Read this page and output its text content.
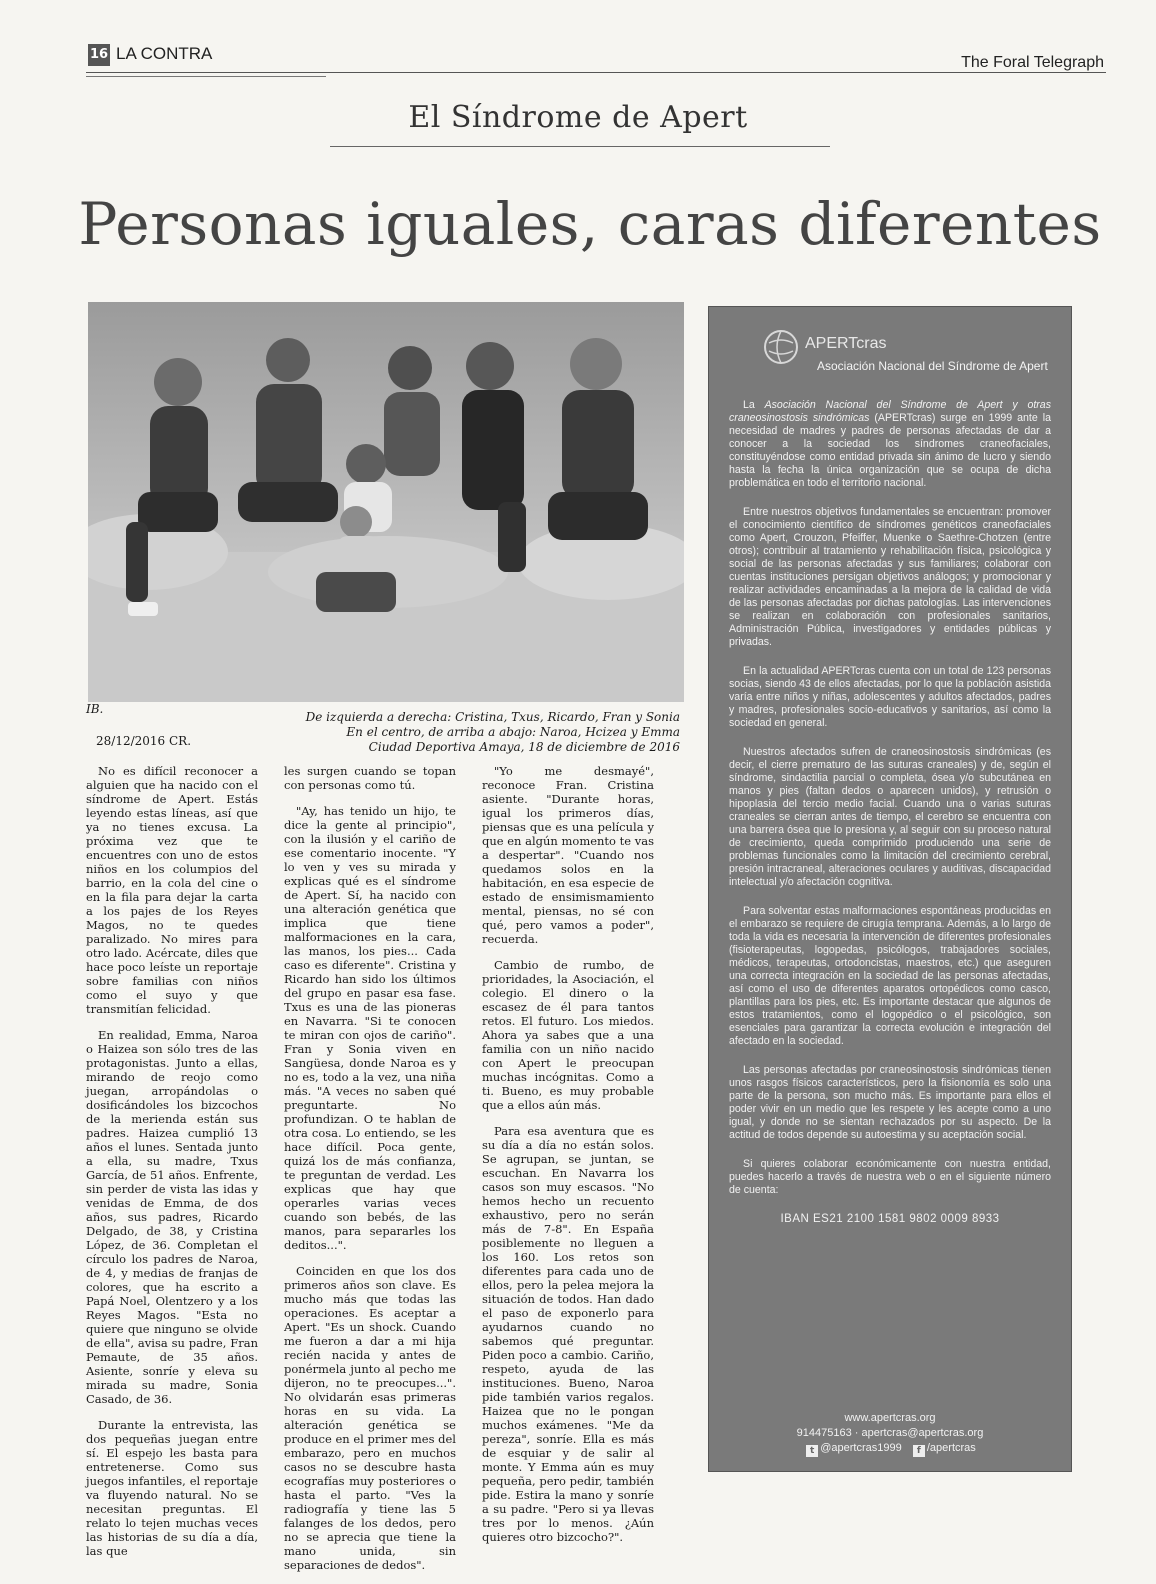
16 LA CONTRA	The Foral Telegraph
El Síndrome de Apert
Personas iguales, caras diferentes
IB.
De izquierda a derecha: Cristina, Txus, Ricardo, Fran y Sonia
En el centro, de arriba a abajo: Naroa, Hcizea y Emma
Ciudad Deportiva Amaya, 18 de diciembre de 2016
28/12/2016 CR.

No es difícil reconocer a alguien que ha nacido con el síndrome de Apert. Estás leyendo estas líneas, así que ya no tienes excusa. La próxima vez que te encuentres con uno de estos niños en los columpios del barrio, en la cola del cine o en la fila para dejar la carta a los pajes de los Reyes Magos, no te quedes paralizado. No mires para otro lado. Acércate, diles que hace poco leíste un reportaje sobre familias con niños como el suyo y que transmitían felicidad.

En realidad, Emma, Naroa o Haizea son sólo tres de las protagonistas. Junto a ellas, mirando de reojo como juegan, arropándolas o dosificándoles los bizcochos de la merienda están sus padres. Haizea cumplió 13 años el lunes. Sentada junto a ella, su madre, Txus García, de 51 años. Enfrente, sin perder de vista las idas y venidas de Emma, de dos años, sus padres, Ricardo Delgado, de 38, y Cristina López, de 36. Completan el círculo los padres de Naroa, de 4, y medias de franjas de colores, que ha escrito a Papá Noel, Olentzero y a los Reyes Magos. "Esta no quiere que ninguno se olvide de ella", avisa su padre, Fran Pemaute, de 35 años. Asiente, sonríe y eleva su mirada su madre, Sonia Casado, de 36.

Durante la entrevista, las dos pequeñas juegan entre sí. El espejo les basta para entretenerse. Como sus juegos infantiles, el reportaje va fluyendo natural. No se necesitan preguntas. El relato lo tejen muchas veces las historias de su día a día, las que

les surgen cuando se topan con personas como tú.

"Ay, has tenido un hijo, te dice la gente al principio", con la ilusión y el cariño de ese comentario inocente. "Y lo ven y ves su mirada y explicas qué es el síndrome de Apert. Sí, ha nacido con una alteración genética que implica que tiene malformaciones en la cara, las manos, los pies... Cada caso es diferente". Cristina y Ricardo han sido los últimos del grupo en pasar esa fase. Txus es una de las pioneras en Navarra. "Si te conocen te miran con ojos de cariño". Fran y Sonia viven en Sangüesa, donde Naroa es y no es, todo a la vez, una niña más. "A veces no saben qué preguntarte. No profundizan. O te hablan de otra cosa. Lo entiendo, se les hace difícil. Poca gente, quizá los de más confianza, te preguntan de verdad. Les explicas que hay que operarles varias veces cuando son bebés, de las manos, para separarles los deditos...".

Coinciden en que los dos primeros años son clave. Es mucho más que todas las operaciones. Es aceptar a Apert. "Es un shock. Cuando me fueron a dar a mi hija recién nacida y antes de ponérmela junto al pecho me dijeron, no te preocupes...". No olvidarán esas primeras horas en su vida. La alteración genética se produce en el primer mes del embarazo, pero en muchos casos no se descubre hasta ecografías muy posteriores o hasta el parto. "Ves la radiografía y tiene las 5 falanges de los dedos, pero no se aprecia que tiene la mano unida, sin separaciones de dedos".

"Yo me desmayé", reconoce Fran. Cristina asiente. "Durante horas, igual los primeros días, piensas que es una película y que en algún momento te vas a despertar". "Cuando nos quedamos solos en la habitación, en esa especie de estado de ensimismamiento mental, piensas, no sé con qué, pero vamos a poder", recuerda.

Cambio de rumbo, de prioridades, la Asociación, el colegio. El dinero o la escasez de él para tantos retos. El futuro. Los miedos. Ahora ya sabes que a una familia con un niño nacido con Apert le preocupan muchas incógnitas. Como a ti. Bueno, es muy probable que a ellos aún más.

Para esa aventura que es su día a día no están solos. Se agrupan, se juntan, se escuchan. En Navarra los casos son muy escasos. "No hemos hecho un recuento exhaustivo, pero no serán más de 7-8". En España posiblemente no lleguen a los 160. Los retos son diferentes para cada uno de ellos, pero la pelea mejora la situación de todos. Han dado el paso de exponerlo para ayudarnos cuando no sabemos qué preguntar. Piden poco a cambio. Cariño, respeto, ayuda de las instituciones. Bueno, Naroa pide también varios regalos. Haizea que no le pongan muchos exámenes. "Me da pereza", sonríe. Ella es más de esquiar y de salir al monte. Y Emma aún es muy pequeña, pero pedir, también pide. Estira la mano y sonríe a su padre. "Pero si ya llevas tres por lo menos. ¿Aún quieres otro bizcocho?".

APERTcras
Asociación Nacional del Síndrome de Apert

La Asociación Nacional del Síndrome de Apert y otras craneosinostosis sindrómicas (APERTcras) surge en 1999 ante la necesidad de madres y padres de personas afectadas de dar a conocer a la sociedad los síndromes craneofaciales, constituyéndose como entidad privada sin ánimo de lucro y siendo hasta la fecha la única organización que se ocupa de dicha problemática en todo el territorio nacional.

Entre nuestros objetivos fundamentales se encuentran: promover el conocimiento científico de síndromes genéticos craneofaciales como Apert, Crouzon, Pfeiffer, Muenke o Saethre-Chotzen (entre otros); contribuir al tratamiento y rehabilitación física, psicológica y social de las personas afectadas y sus familiares; colaborar con cuentas instituciones persigan objetivos análogos; y promocionar y realizar actividades encaminadas a la mejora de la calidad de vida de las personas afectadas por dichas patologías. Las intervenciones se realizan en colaboración con profesionales sanitarios, Administración Pública, investigadores y entidades públicas y privadas.

En la actualidad APERTcras cuenta con un total de 123 personas socias, siendo 43 de ellos afectadas, por lo que la población asistida varía entre niños y niñas, adolescentes y adultos afectados, padres y madres, profesionales socio-educativos y sanitarios, así como la sociedad en general.

Nuestros afectados sufren de craneosinostosis sindrómicas (es decir, el cierre prematuro de las suturas craneales) y de, según el síndrome, sindactilia parcial o completa, ósea y/o subcutánea en manos y pies (faltan dedos o aparecen unidos), y retrusión o hipoplasia del tercio medio facial. Cuando una o varias suturas craneales se cierran antes de tiempo, el cerebro se encuentra con una barrera ósea que lo presiona y, al seguir con su proceso natural de crecimiento, queda comprimido produciendo una serie de problemas funcionales como la limitación del crecimiento cerebral, presión intracraneal, alteraciones oculares y auditivas, discapacidad intelectual y/o afectación cognitiva.

Para solventar estas malformaciones espontáneas producidas en el embarazo se requiere de cirugía temprana. Además, a lo largo de toda la vida es necesaria la intervención de diferentes profesionales (fisioterapeutas, logopedas, psicólogos, trabajadores sociales, médicos, terapeutas, ortodoncistas, maestros, etc.) que aseguren una correcta integración en la sociedad de las personas afectadas, así como el uso de diferentes aparatos ortopédicos como casco, plantillas para los pies, etc. Es importante destacar que algunos de estos tratamientos, como el logopédico o el psicológico, son esenciales para garantizar la correcta evolución e integración del afectado en la sociedad.

Las personas afectadas por craneosinostosis sindrómicas tienen unos rasgos físicos característicos, pero la fisionomía es solo una parte de la persona, son mucho más. Es importante para ellos el poder vivir en un medio que les respete y les acepte como a uno igual, y donde no se sientan rechazados por su aspecto. De la actitud de todos depende su autoestima y su aceptación social.

Si quieres colaborar económicamente con nuestra entidad, puedes hacerlo a través de nuestra web o en el siguiente número de cuenta:

IBAN ES21 2100 1581 9802 0009 8933
www.apertcras.org
914475163 · apertcras@apertcras.org
t @apertcras1999 f /apertcras
